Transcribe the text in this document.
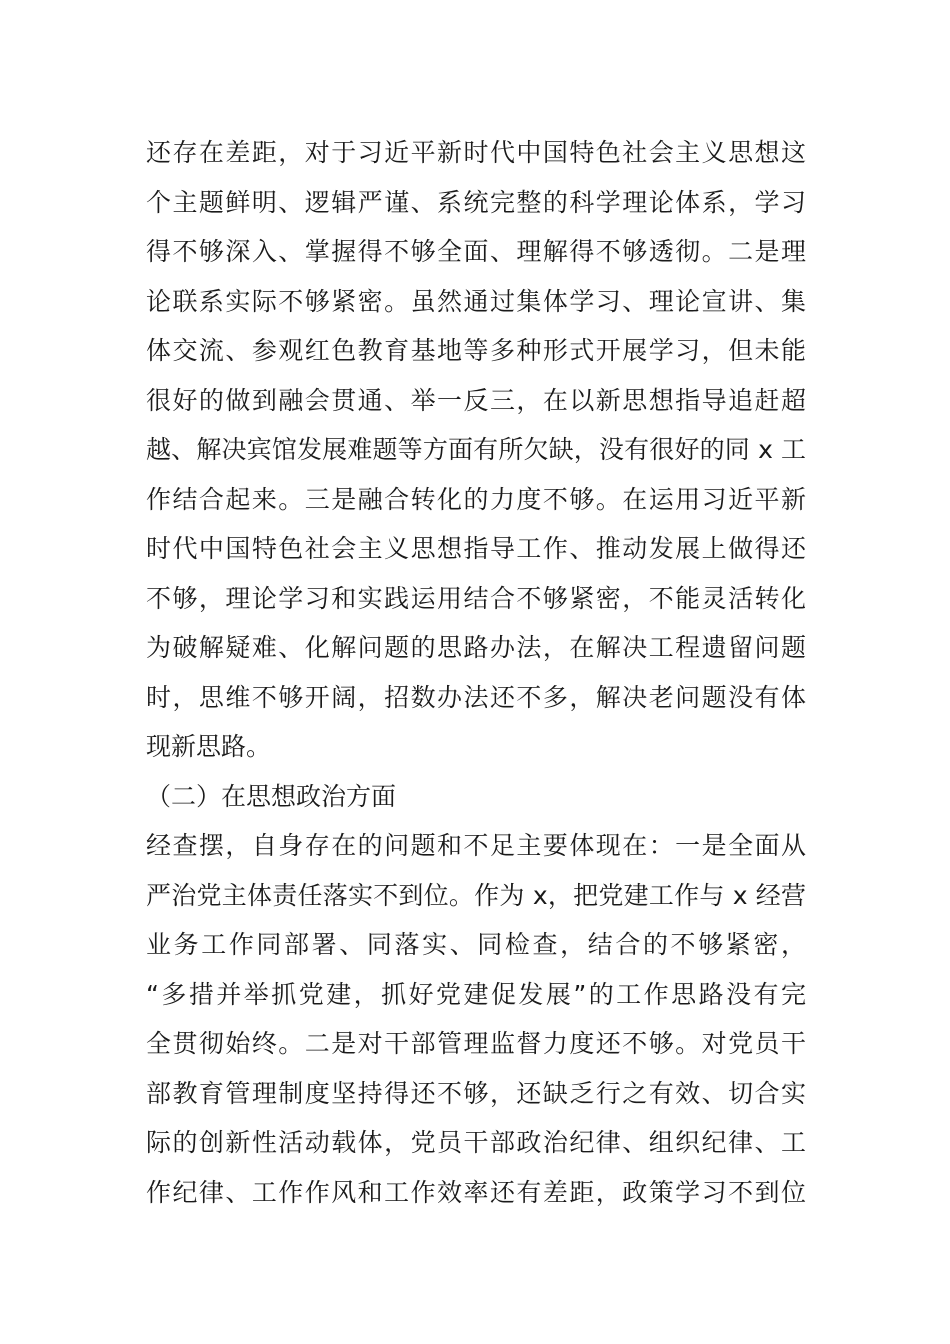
还存在差距，对于习近平新时代中国特色社会主义思想这
个主题鲜明、逻辑严谨、系统完整的科学理论体系，学习
得不够深入、掌握得不够全面、理解得不够透彻。二是理
论联系实际不够紧密。虽然通过集体学习、理论宣讲、集
体交流、参观红色教育基地等多种形式开展学习，但未能
很好的做到融会贯通、举一反三，在以新思想指导追赶超
越、解决宾馆发展难题等方面有所欠缺，没有很好的同 x 工
作结合起来。三是融合转化的力度不够。在运用习近平新
时代中国特色社会主义思想指导工作、推动发展上做得还
不够，理论学习和实践运用结合不够紧密，不能灵活转化
为破解疑难、化解问题的思路办法，在解决工程遗留问题
时，思维不够开阔，招数办法还不多，解决老问题没有体
现新思路。
（二）在思想政治方面
经查摆，自身存在的问题和不足主要体现在：一是全面从
严治党主体责任落实不到位。作为 x，把党建工作与 x 经营
业务工作同部署、同落实、同检查，结合的不够紧密，
“多措并举抓党建，抓好党建促发展”的工作思路没有完
全贯彻始终。二是对干部管理监督力度还不够。对党员干
部教育管理制度坚持得还不够，还缺乏行之有效、切合实
际的创新性活动载体，党员干部政治纪律、组织纪律、工
作纪律、工作作风和工作效率还有差距，政策学习不到位
